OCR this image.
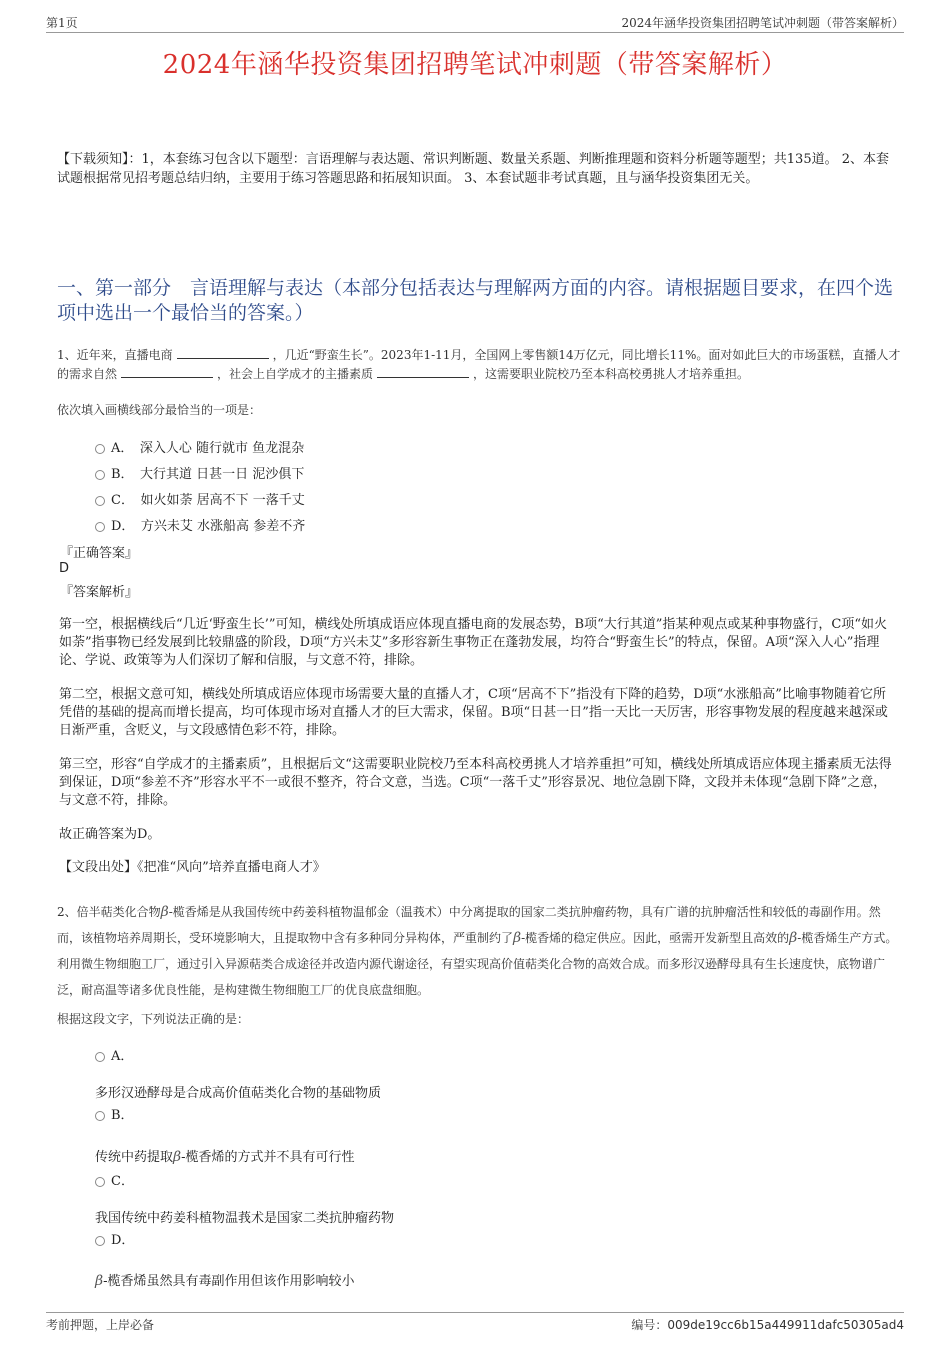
第1页	2024年涵华投资集团招聘笔试冲刺题（带答案解析）
2024年涵华投资集团招聘笔试冲刺题（带答案解析）
【下载须知】：1，本套练习包含以下题型：言语理解与表达题、常识判断题、数量关系题、判断推理题和资料分析题等题型；共135道。 2、本套试题根据常见招考题总结归纳，主要用于练习答题思路和拓展知识面。 3、本套试题非考试真题，且与涵华投资集团无关。
一、第一部分　言语理解与表达（本部分包括表达与理解两方面的内容。请根据题目要求，在四个选项中选出一个最恰当的答案。）
1、近年来，直播电商	，几近“野蛮生长”。2023年1-11月，全国网上零售额14万亿元，同比增长11%。面对如此巨大的市场蛋糕，直播人才的需求自然	，社会上自学成才的主播素质	，这需要职业院校乃至本科高校勇挑人才培养重担。
依次填入画横线部分最恰当的一项是：
A．　深入人心 随行就市 鱼龙混杂
B．　大行其道 日甚一日 泥沙俱下
C．　如火如荼 居高不下 一落千丈
D．　方兴未艾 水涨船高 参差不齐
『正确答案』
D
『答案解析』
第一空，根据横线后“几近‘野蛮生长’”可知，横线处所填成语应体现直播电商的发展态势，B项“大行其道”指某种观点或某种事物盛行，C项“如火如荼”指事物已经发展到比较鼎盛的阶段，D项“方兴未艾”多形容新生事物正在蓬勃发展，均符合“野蛮生长”的特点，保留。A项“深入人心”指理论、学说、政策等为人们深切了解和信服，与文意不符，排除。
第二空，根据文意可知，横线处所填成语应体现市场需要大量的直播人才，C项“居高不下”指没有下降的趋势，D项“水涨船高”比喻事物随着它所凭借的基础的提高而增长提高，均可体现市场对直播人才的巨大需求，保留。B项“日甚一日”指一天比一天厉害，形容事物发展的程度越来越深或日渐严重，含贬义，与文段感情色彩不符，排除。
第三空，形容“自学成才的主播素质”，且根据后文“这需要职业院校乃至本科高校勇挑人才培养重担”可知，横线处所填成语应体现主播素质无法得到保证，D项“参差不齐”形容水平不一或很不整齐，符合文意，当选。C项“一落千丈”形容景况、地位急剧下降，文段并未体现“急剧下降”之意，与文意不符，排除。
故正确答案为D。
【文段出处】《把准“风向”培养直播电商人才》
2、倍半萜类化合物β-榄香烯是从我国传统中药姜科植物温郁金（温莪术）中分离提取的国家二类抗肿瘤药物，具有广谱的抗肿瘤活性和较低的毒副作用。然而，该植物培养周期长，受环境影响大，且提取物中含有多种同分异构体，严重制约了β-榄香烯的稳定供应。因此，亟需开发新型且高效的β-榄香烯生产方式。利用微生物细胞工厂，通过引入异源萜类合成途径并改造内源代谢途径，有望实现高价值萜类化合物的高效合成。而多形汉逊酵母具有生长速度快，底物谱广泛，耐高温等诸多优良性能，是构建微生物细胞工厂的优良底盘细胞。
根据这段文字，下列说法正确的是：
A．
多形汉逊酵母是合成高价值萜类化合物的基础物质
B．
传统中药提取β-榄香烯的方式并不具有可行性
C．
我国传统中药姜科植物温莪术是国家二类抗肿瘤药物
D．
β-榄香烯虽然具有毒副作用但该作用影响较小
考前押题，上岸必备	编号：009de19cc6b15a449911dafc50305ad4
